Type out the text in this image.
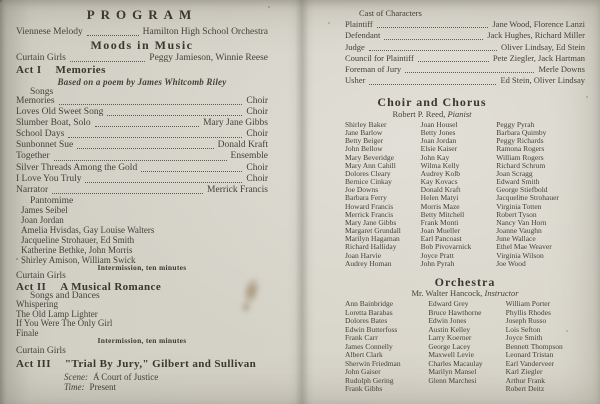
PROGRAM
Viennese Melody	Hamilton High School Orchestra
Moods in Music
Curtain Girls	Peggy Jamieson, Winnie Reese
Act I Memories
Based on a poem by James Whitcomb Riley
Songs
Memories	Choir
Loves Old Sweet Song	Choir
Slumber Boat, Solo	Mary Jane Gibbs
School Days	Choir
Sunbonnet Sue	Donald Kraft
Together	Ensemble
Silver Threads Among the Gold	Choir
I Love You Truly	Choir
Narrator	Merrick Francis
Pantomime
James Seibel
Joan Jordan
Amelia Hvisdas, Gay Louise Walters
Jacqueline Strohauer, Ed Smith
Katherine Bethke, John Morris
Shirley Amison, William Swick
Intermission, ten minutes
Curtain Girls
Act II A Musical Romance
Songs and Dances
Whispering
The Old Lamp Lighter
If You Were The Only Girl
Finale
Intermission, ten minutes
Curtain Girls
Act III "Trial By Jury," Gilbert and Sullivan
Scene: A Court of Justice
Time: Present
Cast of Characters
Plaintiff	Jane Wood, Florence Lanzi
Defendant	Jack Hughes, Richard Miller
Judge	Oliver Lindsay, Ed Stein
Council for Plaintiff	Pete Ziegler, Jack Hartman
Foreman of Jury	Merle Downs
Usher	Ed Stein, Oliver Lindsay
Choir and Chorus
Robert P. Reed, Pianist
Shirley Baker
Jane Barlow
Betty Beiger
John Bellow
Mary Beveridge
Mary Ann Cahill
Dolores Cleary
Bernice Cinkay
Joe Downs
Barbara Ferry
Howard Francis
Merrick Francis
Mary Jane Gibbs
Margaret Grundall
Marilyn Hagaman
Richard Halliday
Joan Harvie
Audrey Homan
Joan Housel
Betty Jones
Joan Jordan
Elsie Kaiser
John Kay
Wilma Kelly
Audrey Kolb
Kay Kovacs
Donald Kraft
Helen Matyi
Morris Maze
Betty Mitchell
Frank Monti
Joan Mueller
Earl Pancoast
Bob Pivovarnick
Joyce Pratt
John Pyrah
Peggy Pyrah
Barbara Quimby
Peggy Richards
Ramona Rogers
William Rogers
Richard Schrum
Joan Scragg
Edward Smith
George Stiefbold
Jacqueline Strohauer
Virginia Totten
Robert Tyson
Nancy Van Horn
Joanne Vaughn
June Wallace
Ethel Mae Weaver
Virginia Wilson
Joe Wood
Orchestra
Mr. Walter Hancock, Instructor
Ann Bainbridge
Loretta Barabas
Dolores Bates
Edwin Butterfoss
Frank Carr
James Connelly
Albert Clark
Sherwin Friedman
John Gaiser
Rudolph Gering
Frank Gibbs
Edward Grey
Bruce Hawthorne
Edwin Jones
Austin Kelley
Larry Koerner
George Lacey
Maxwell Levie
Charles Macaulay
Marilyn Mansel
Glenn Marchesi
William Porter
Phyllis Rhodes
Joseph Russo
Lois Sefton
Joyce Smith
Bennett Thompson
Leonard Tristan
Earl Vanderveer
Karl Ziegler
Arthur Frank
Robert Deitz
